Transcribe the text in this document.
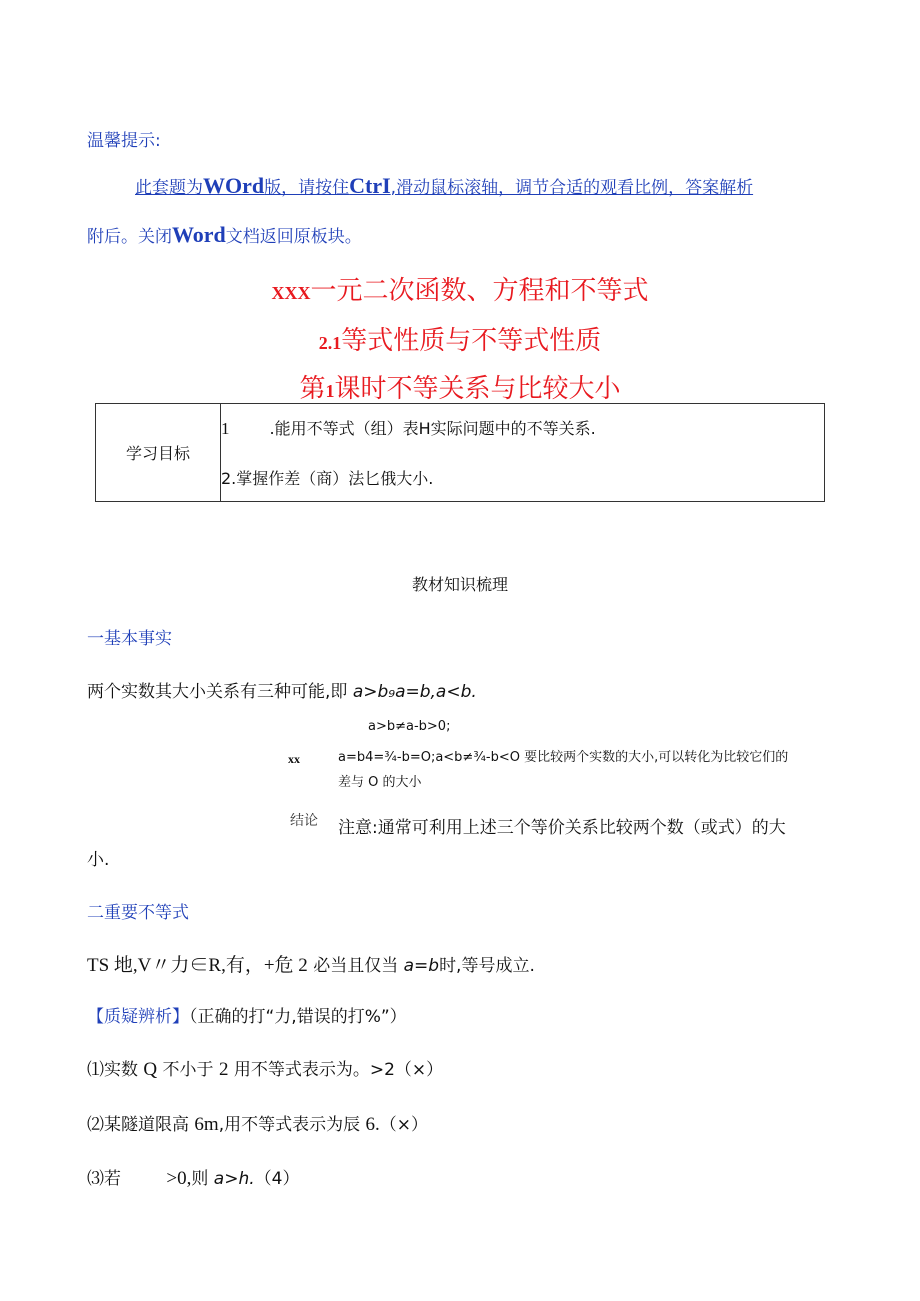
温馨提示:
此套题为WOrd版，请按住CtrI,滑动鼠标滚轴，调节合适的观看比例，答案解析
附后。关闭Word文档返回原板块。
XXX一元二次函数、方程和不等式
2.1等式性质与不等式性质
第1课时不等关系与比较大小
学习目标	
1	.能用不等式（组）表H实际问题中的不等关系.
2.掌握作差（商）法匕俄大小.
教材知识梳理
一基本事实
两个实数其大小关系有三种可能,即 a>b₉a=b,a<b.
a>b≠a-b>0;
xx	a=b4=¾-b=O;a<b≠¾-b<O 要比较两个实数的大小,可以转化为比较它们的
差与 O 的大小
结论 注意:通常可利用上述三个等价关系比较两个数（或式）的大
小.
二重要不等式
TS 地,V〃力∈R,有，+危 2 必当且仅当 a=b时,等号成立.
【质疑辨析】（正确的打“力,错误的打%”）
⑴实数 Q 不小于 2 用不等式表示为。>2（×）
⑵某隧道限高 6m,用不等式表示为辰 6.（×）
⑶若 >0,则 a>h.（4）
